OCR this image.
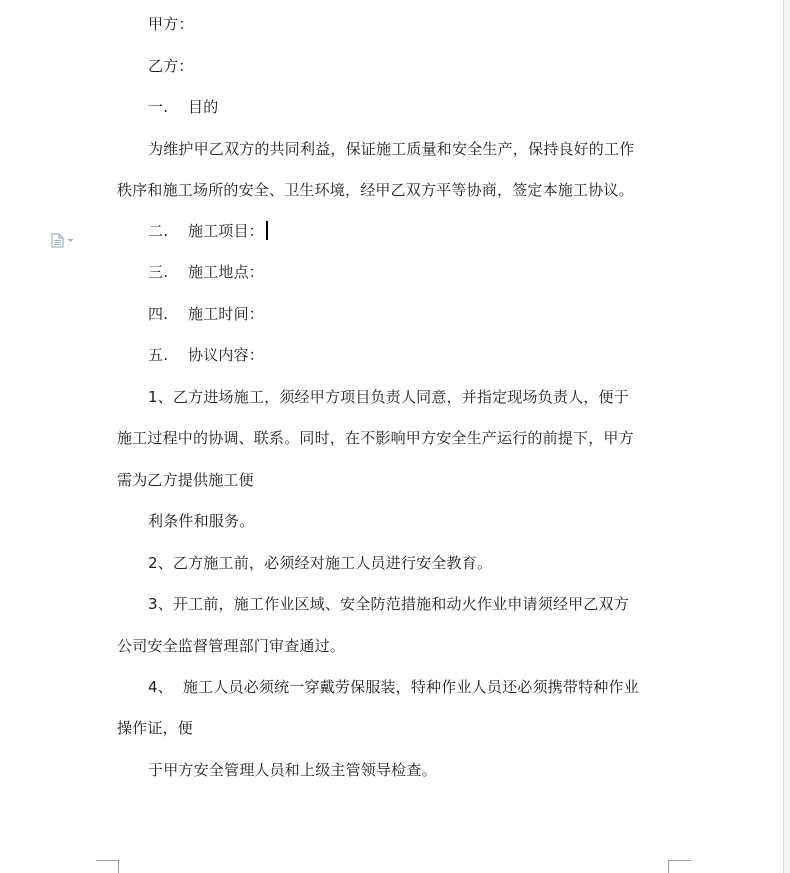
甲方：
乙方：
一. 目的
为维护甲乙双方的共同利益，保证施工质量和安全生产，保持良好的工作
秩序和施工场所的安全、卫生环境，经甲乙双方平等协商，签定本施工协议。
二. 施工项目：
三. 施工地点：
四. 施工时间：
五. 协议内容：
1、乙方进场施工，须经甲方项目负责人同意，并指定现场负责人，便于
施工过程中的协调、联系。同时，在不影响甲方安全生产运行的前提下，甲方
需为乙方提供施工便
利条件和服务。
2、乙方施工前，必须经对施工人员进行安全教育。
3、开工前，施工作业区域、安全防范措施和动火作业申请须经甲乙双方
公司安全监督管理部门审查通过。
4、  施工人员必须统一穿戴劳保服装，特种作业人员还必须携带特种作业
操作证，便
于甲方安全管理人员和上级主管领导检查。
